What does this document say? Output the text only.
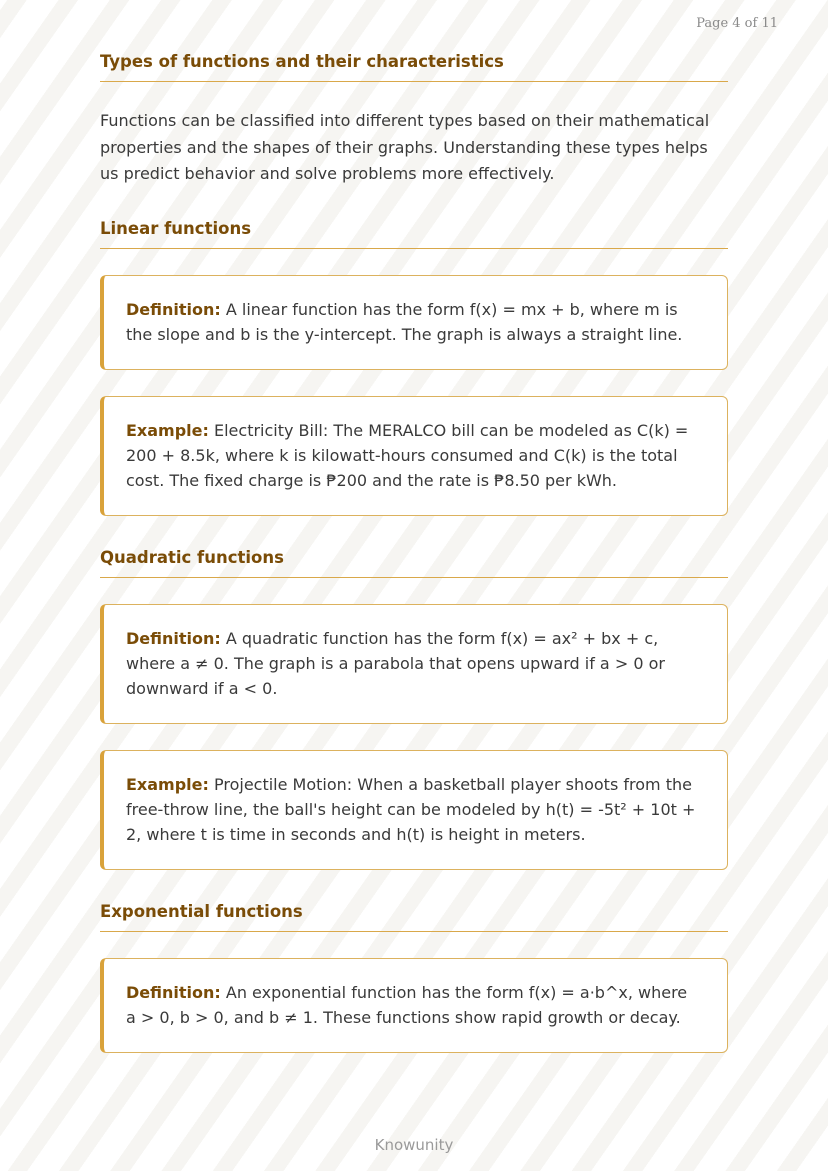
Page 4 of 11
Types of functions and their characteristics

Functions can be classified into different types based on their mathematical properties and the shapes of their graphs. Understanding these types helps us predict behavior and solve problems more effectively.

Linear functions
Definition: A linear function has the form f(x) = mx + b, where m is the slope and b is the y-intercept. The graph is always a straight line.
Example: Electricity Bill: The MERALCO bill can be modeled as C(k) = 200 + 8.5k, where k is kilowatt-hours consumed and C(k) is the total cost. The fixed charge is ₱200 and the rate is ₱8.50 per kWh.
Quadratic functions
Definition: A quadratic function has the form f(x) = ax² + bx + c, where a ≠ 0. The graph is a parabola that opens upward if a > 0 or downward if a < 0.
Example: Projectile Motion: When a basketball player shoots from the free-throw line, the ball's height can be modeled by h(t) = -5t² + 10t + 2, where t is time in seconds and h(t) is height in meters.
Exponential functions
Definition: An exponential function has the form f(x) = a·b^x, where a > 0, b > 0, and b ≠ 1. These functions show rapid growth or decay.
Knowunity
